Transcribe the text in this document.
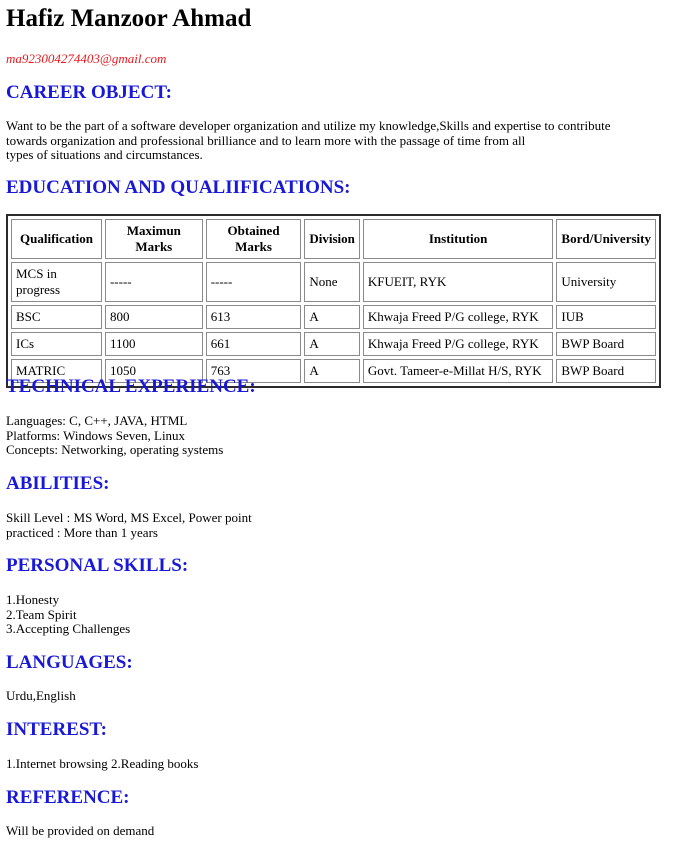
Hafiz Manzoor Ahmad

ma923004274403@gmail.com

CAREER OBJECT:
Want to be the part of a software developer organization and utilize my knowledge,Skills and expertise to contribute
towards organization and professional brilliance and to learn more with the passage of time from all
types of situations and circumstances.
EDUCATION AND QUALIIFICATIONS:
Qualification	Maximun Marks	Obtained Marks	Division	Institution	Bord/University
MCS in progress	-----	-----	None	KFUEIT, RYK	University
BSC	800	613	A	Khwaja Freed P/G college, RYK	IUB
ICs	1100	661	A	Khwaja Freed P/G college, RYK	BWP Board
MATRIC	1050	763	A	Govt. Tameer-e-Millat H/S, RYK	BWP Board
TECHNICAL EXPERIENCE:
Languages: C, C++, JAVA, HTML
Platforms: Windows Seven, Linux
Concepts: Networking, operating systems
ABILITIES:
Skill Level : MS Word, MS Excel, Power point
practiced : More than 1 years
PERSONAL SKILLS:
1.Honesty
2.Team Spirit
3.Accepting Challenges
LANGUAGES:
Urdu,English
INTEREST:
1.Internet browsing 2.Reading books
REFERENCE:
Will be provided on demand
